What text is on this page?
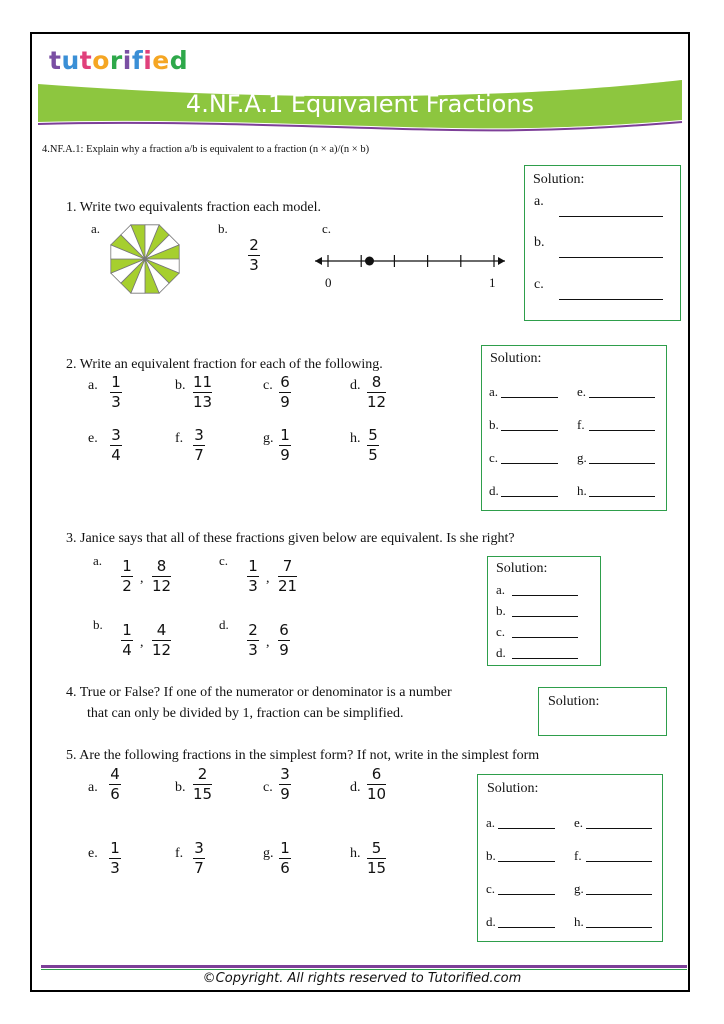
tutorified
4.NF.A.1 Equivalent Fractions
4.NF.A.1: Explain why a fraction a/b is equivalent to a fraction (n × a)/(n × b)
1. Write two equivalents fraction each model.
a.	b.	c.
2
3
0	1
Solution:
a.
b.
c.
2. Write an equivalent fraction for each of the following.
a. 1
3
b. 11
13
c. 6
9
d. 8
12
e. 3
4
f. 3
7
g. 1
9
h. 5
5
Solution:
a.	e.
b.	f.
c.	g.
d.	h.
3. Janice says that all of these fractions given below are equivalent. Is she right?
a. 1
2 ,
8
12
c. 1
3 ,
7
21
b. 1
4 ,
4
12
d. 2
3 ,
6
9
Solution:
a.
b.
c.
d.
4. True or False? If one of the numerator or denominator is a number
that can only be divided by 1, fraction can be simplified.
Solution:
5. Are the following fractions in the simplest form? If not, write in the simplest form
a.
4
6	b.
2
15	c.
3
9	d.
6
10
e. 1
3
f. 3
7
g. 1
6
h. 5
15
Solution:
a.	e.
b.	f.
c.	g.
d.	h.
©Copyright. All rights reserved to Tutorified.com
